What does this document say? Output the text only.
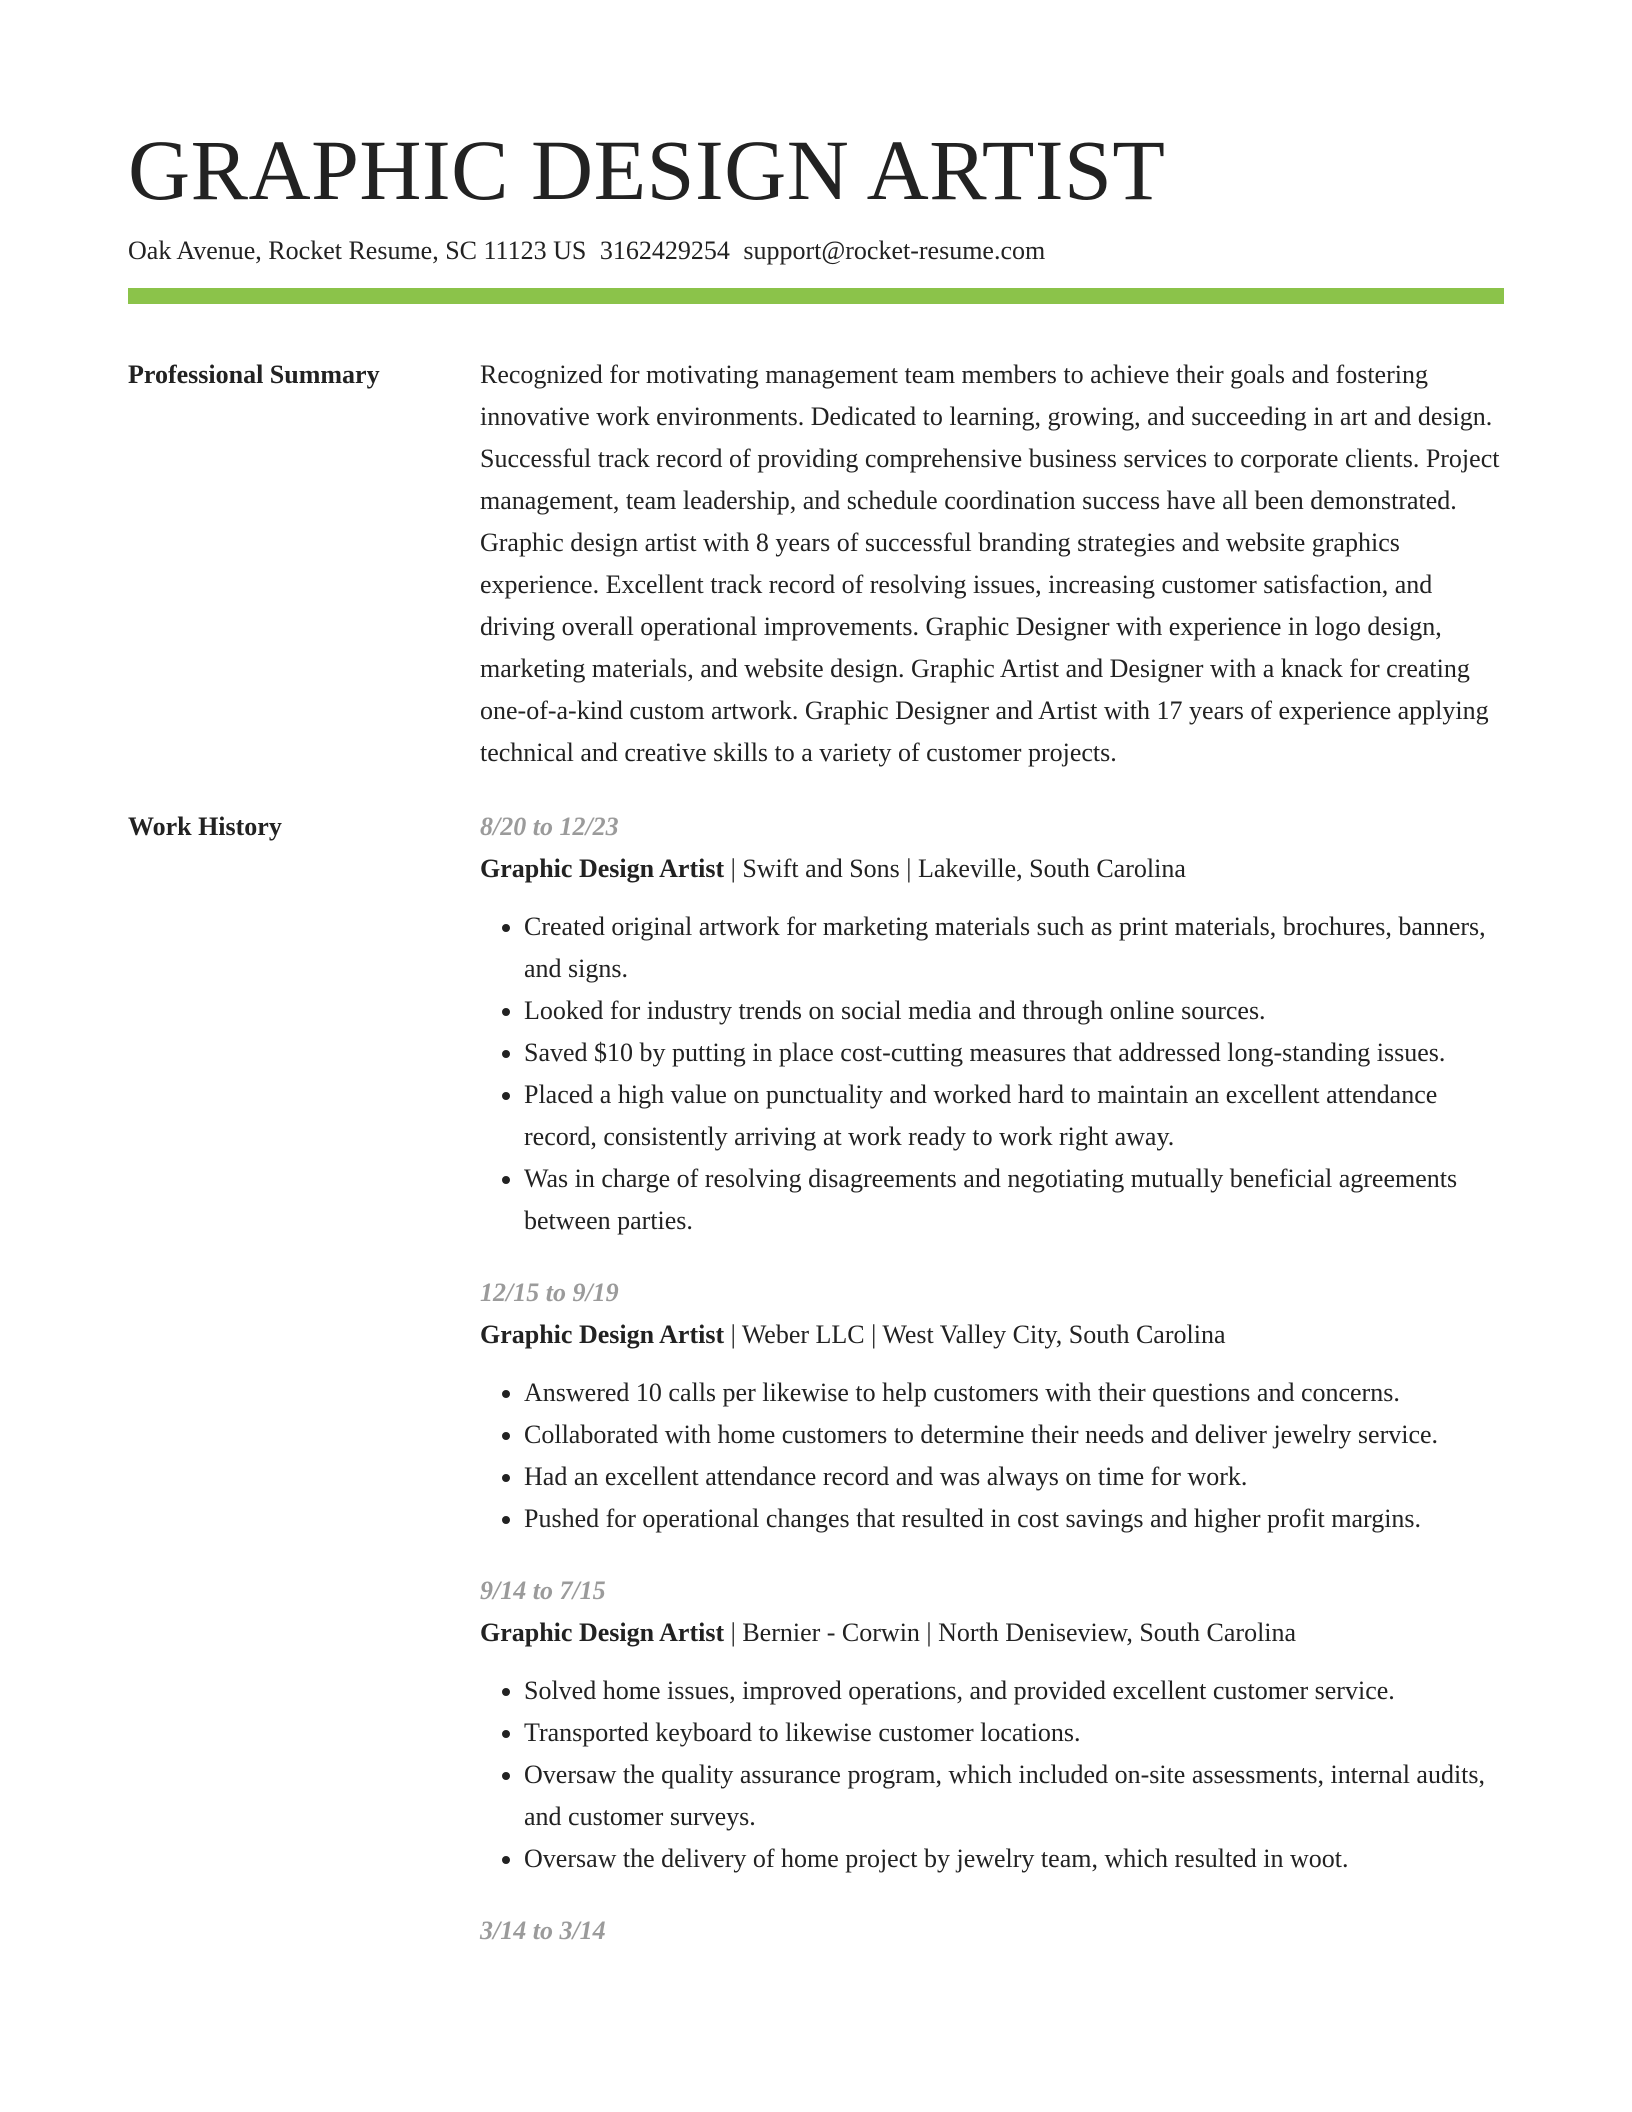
GRAPHIC DESIGN ARTIST
Oak Avenue, Rocket Resume, SC 11123 US 3162429254 support@rocket-resume.com
Professional Summary	Recognized for motivating management team members to achieve their goals and fostering innovative work environments. Dedicated to learning, growing, and succeeding in art and design. Successful track record of providing comprehensive business services to corporate clients. Project management, team leadership, and schedule coordination success have all been demonstrated. Graphic design artist with 8 years of successful branding strategies and website graphics experience. Excellent track record of resolving issues, increasing customer satisfaction, and driving overall operational improvements. Graphic Designer with experience in logo design, marketing materials, and website design. Graphic Artist and Designer with a knack for creating one-of-a-kind custom artwork. Graphic Designer and Artist with 17 years of experience applying technical and creative skills to a variety of customer projects.
Work History	8/20 to 12/23
Graphic Design Artist | Swift and Sons | Lakeville, South Carolina
• Created original artwork for marketing materials such as print materials, brochures, banners, and signs.
• Looked for industry trends on social media and through online sources.
• Saved $10 by putting in place cost-cutting measures that addressed long-standing issues.
• Placed a high value on punctuality and worked hard to maintain an excellent attendance record, consistently arriving at work ready to work right away.
• Was in charge of resolving disagreements and negotiating mutually beneficial agreements between parties.
12/15 to 9/19
Graphic Design Artist | Weber LLC | West Valley City, South Carolina
• Answered 10 calls per likewise to help customers with their questions and concerns.
• Collaborated with home customers to determine their needs and deliver jewelry service.
• Had an excellent attendance record and was always on time for work.
• Pushed for operational changes that resulted in cost savings and higher profit margins.
9/14 to 7/15
Graphic Design Artist | Bernier - Corwin | North Deniseview, South Carolina
• Solved home issues, improved operations, and provided excellent customer service.
• Transported keyboard to likewise customer locations.
• Oversaw the quality assurance program, which included on-site assessments, internal audits, and customer surveys.
• Oversaw the delivery of home project by jewelry team, which resulted in woot.
3/14 to 3/14
